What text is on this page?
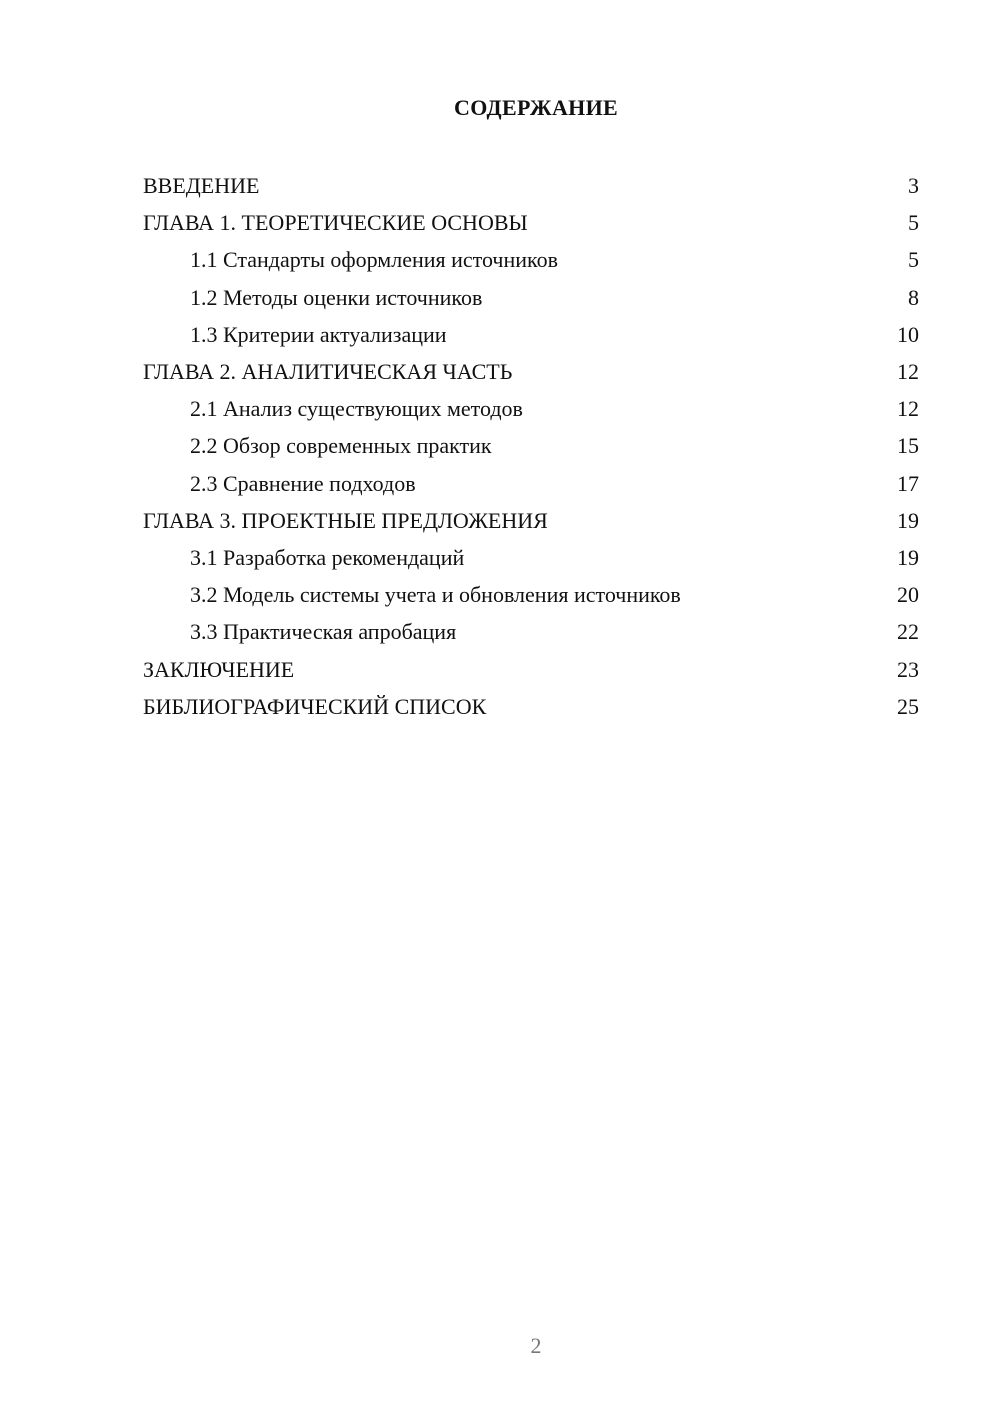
СОДЕРЖАНИЕ
ВВЕДЕНИЕ	3
ГЛАВА 1. ТЕОРЕТИЧЕСКИЕ ОСНОВЫ	5
1.1 Стандарты оформления источников	5
1.2 Методы оценки источников	8
1.3 Критерии актуализации	10
ГЛАВА 2. АНАЛИТИЧЕСКАЯ ЧАСТЬ	12
2.1 Анализ существующих методов	12
2.2 Обзор современных практик	15
2.3 Сравнение подходов	17
ГЛАВА 3. ПРОЕКТНЫЕ ПРЕДЛОЖЕНИЯ	19
3.1 Разработка рекомендаций	19
3.2 Модель системы учета и обновления источников	20
3.3 Практическая апробация	22
ЗАКЛЮЧЕНИЕ	23
БИБЛИОГРАФИЧЕСКИЙ СПИСОК	25
2
